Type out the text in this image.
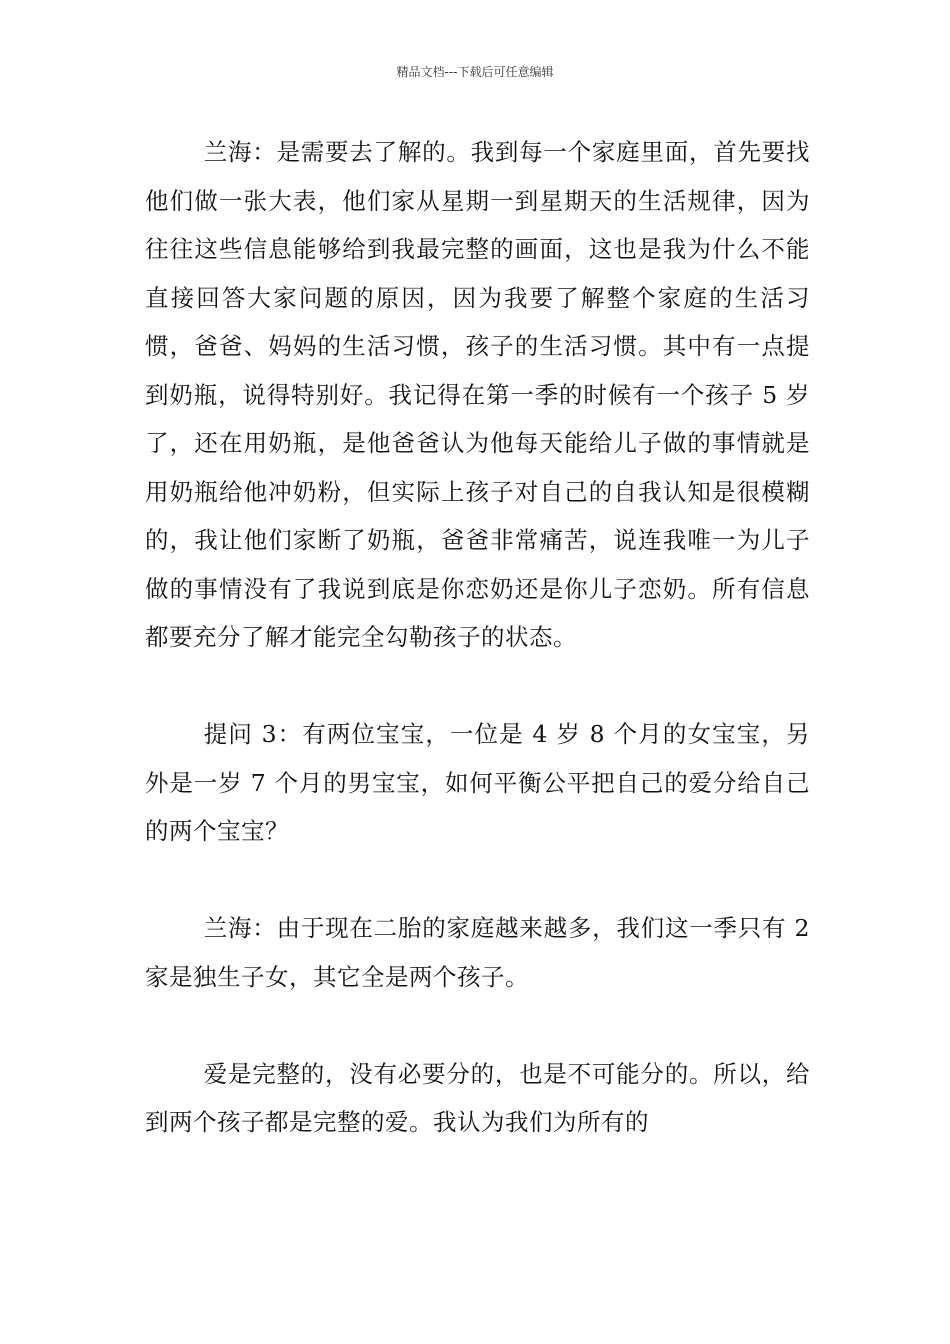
精品文档---下载后可任意编辑

兰海：是需要去了解的。我到每一个家庭里面，首先要找他们做一张大表，他们家从星期一到星期天的生活规律，因为往往这些信息能够给到我最完整的画面，这也是我为什么不能直接回答大家问题的原因，因为我要了解整个家庭的生活习惯，爸爸、妈妈的生活习惯，孩子的生活习惯。其中有一点提到奶瓶，说得特别好。我记得在第一季的时候有一个孩子 5 岁了，还在用奶瓶，是他爸爸认为他每天能给儿子做的事情就是用奶瓶给他冲奶粉，但实际上孩子对自己的自我认知是很模糊的，我让他们家断了奶瓶，爸爸非常痛苦，说连我唯一为儿子做的事情没有了我说到底是你恋奶还是你儿子恋奶。所有信息都要充分了解才能完全勾勒孩子的状态。

提问 3：有两位宝宝，一位是 4 岁 8 个月的女宝宝，另外是一岁 7 个月的男宝宝，如何平衡公平把自己的爱分给自己的两个宝宝？

兰海：由于现在二胎的家庭越来越多，我们这一季只有 2 家是独生子女，其它全是两个孩子。

爱是完整的，没有必要分的，也是不可能分的。所以，给到两个孩子都是完整的爱。我认为我们为所有的
